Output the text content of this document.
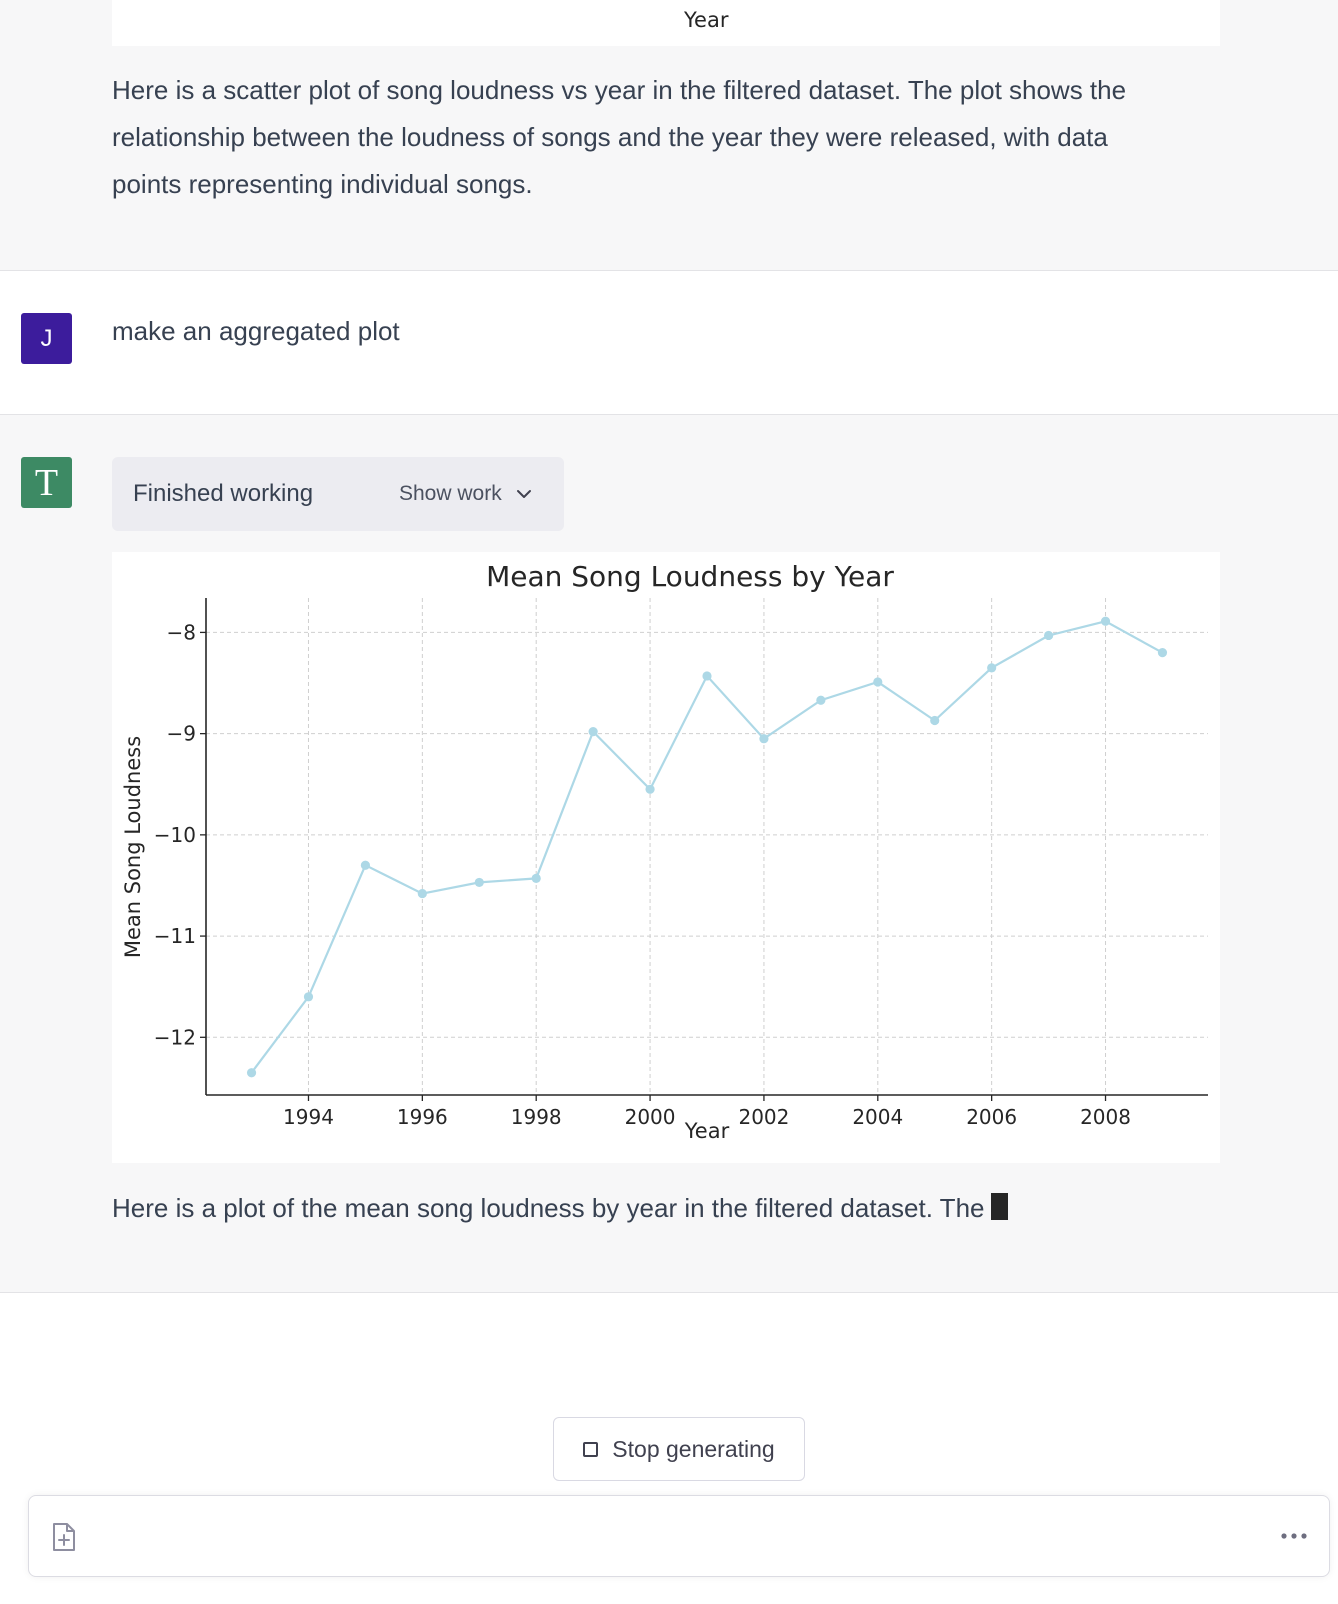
Year
Here is a scatter plot of song loudness vs year in the filtered dataset. The plot shows the
relationship between the loudness of songs and the year they were released, with data
points representing individual songs.
J	make an aggregated plot
T	Finished working	Show work
1994	1996	1998	2000	2002	2004	2006	2008
−8
−9
−10
−11
−12
Mean Song Loudness by Year
Year
Mean Song Loudness
Here is a plot of the mean song loudness by year in the filtered dataset. The
Stop generating
